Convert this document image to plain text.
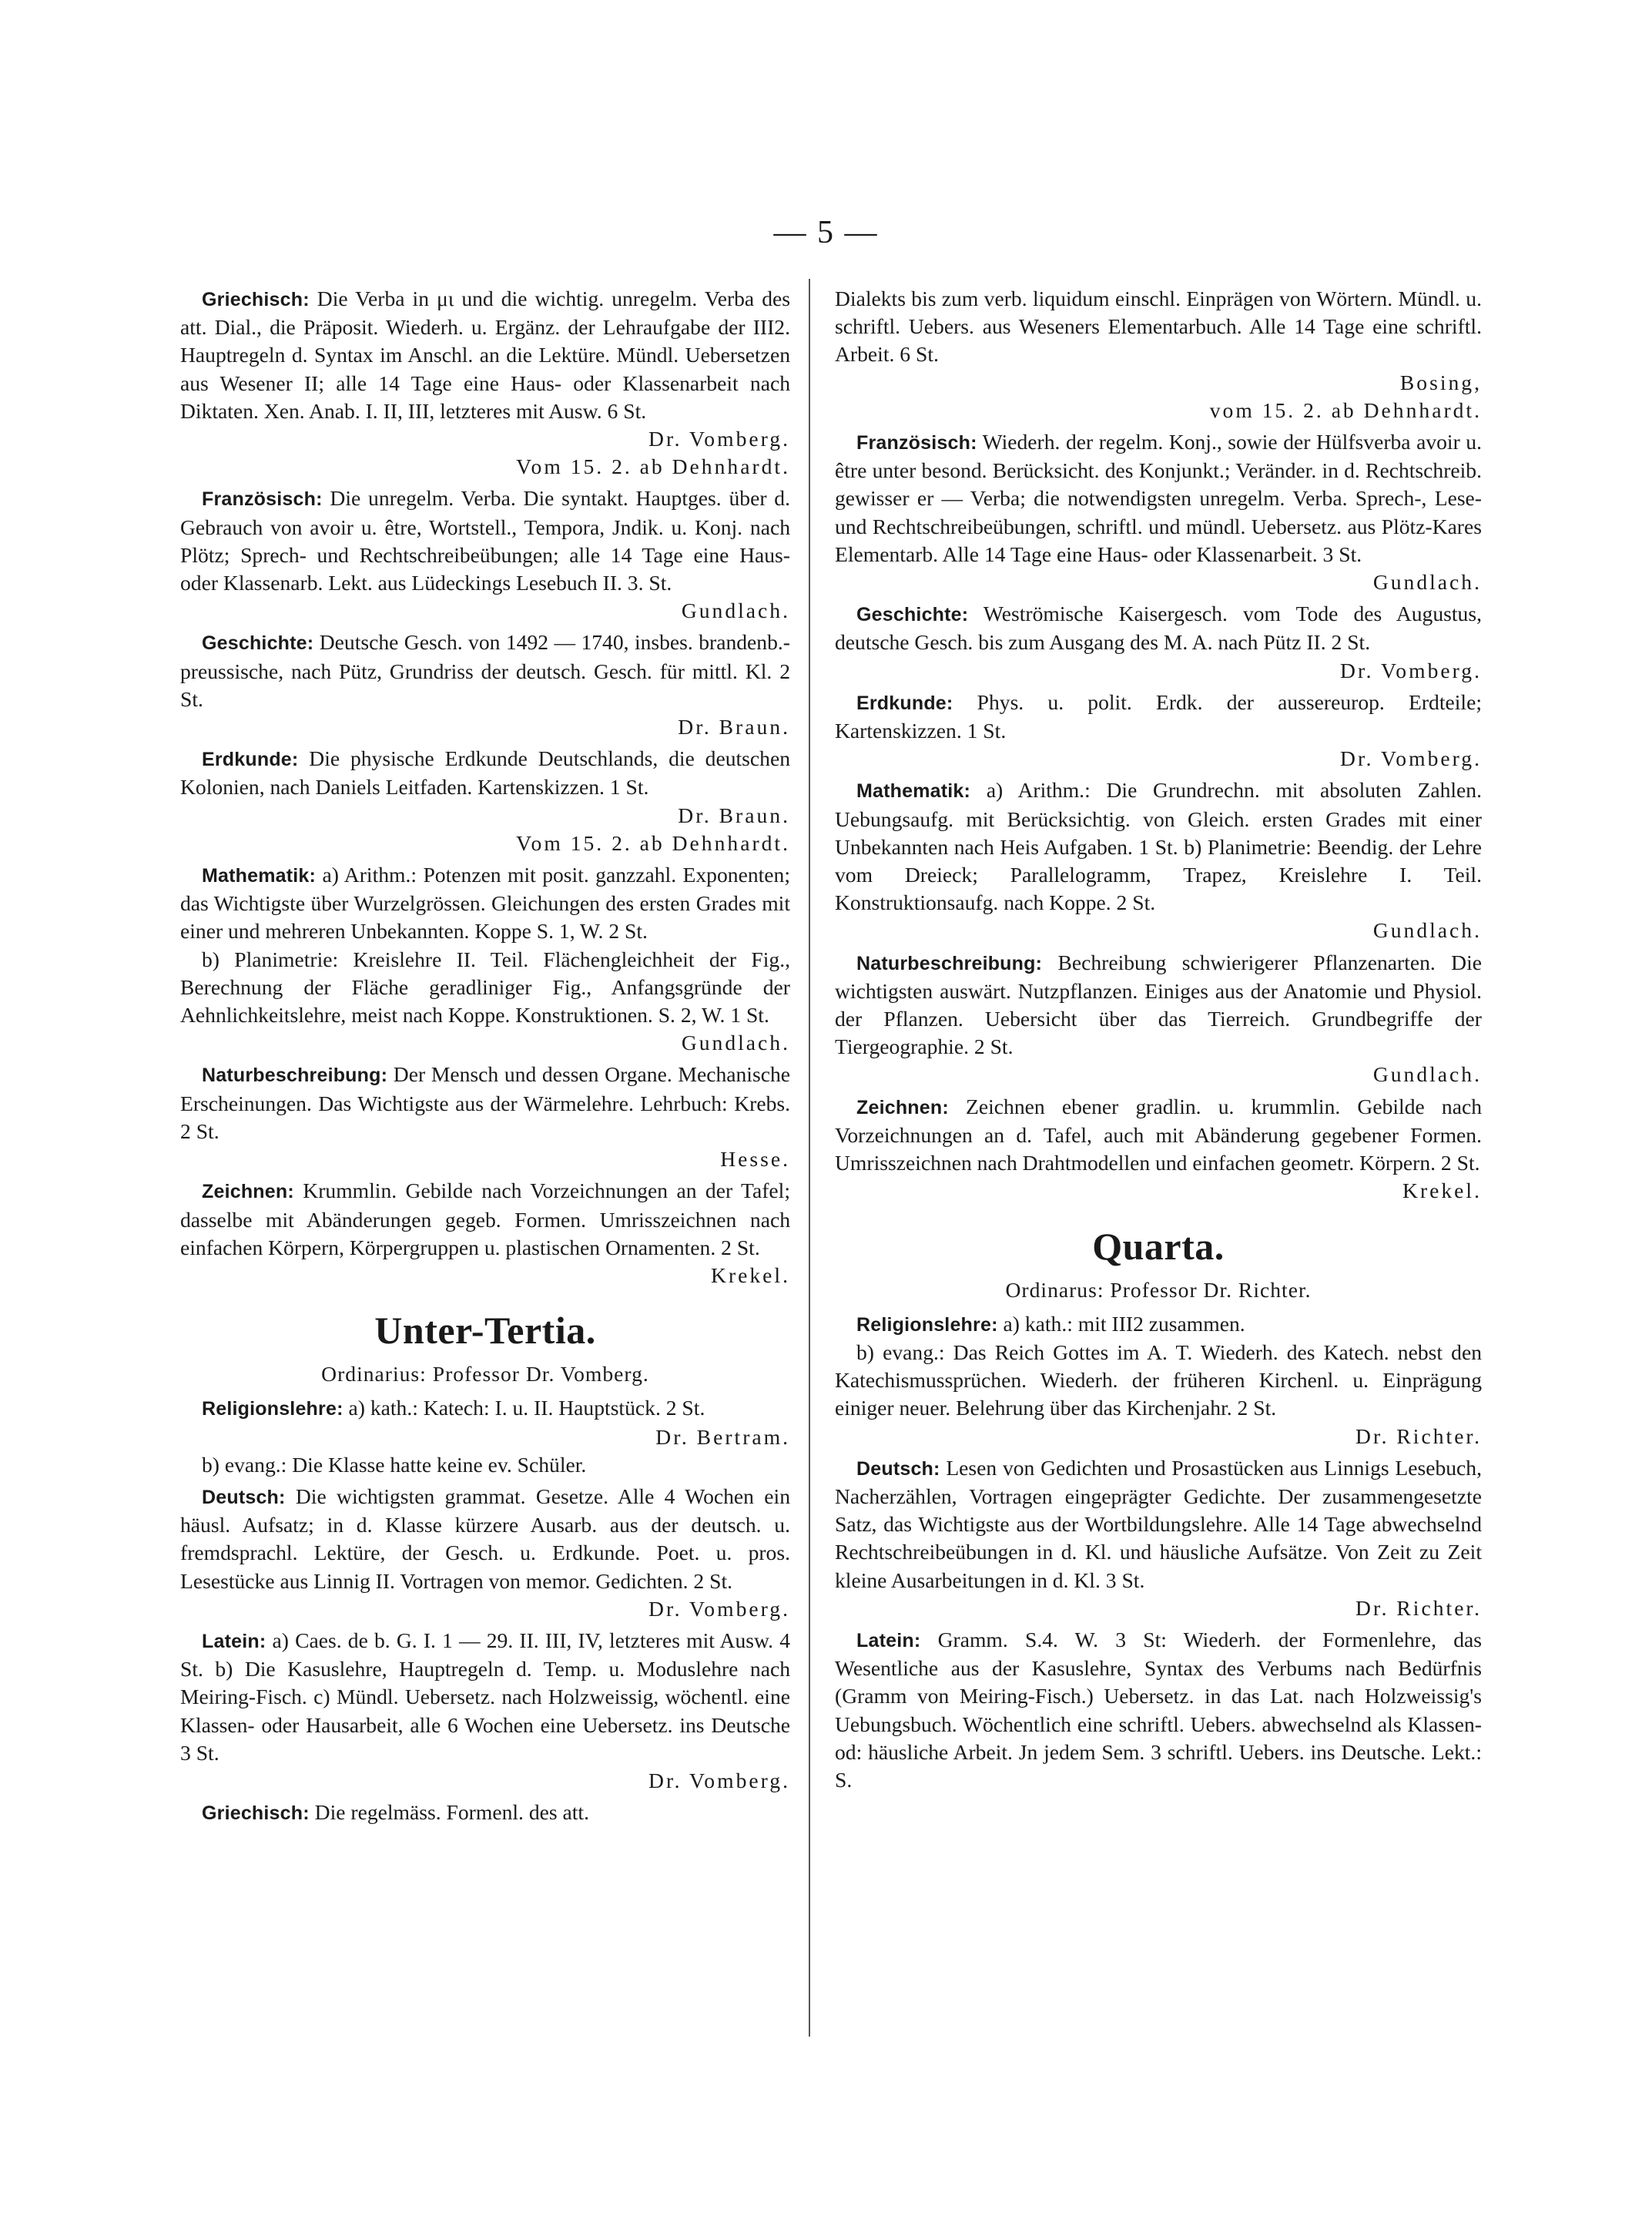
— 5 —

Griechisch: Die Verba in μι und die wichtig. unregelm. Verba des att. Dial., die Präposit. Wiederh. u. Ergänz. der Lehraufgabe der III2. Hauptregeln d. Syntax im Anschl. an die Lektüre. Mündl. Uebersetzen aus Wesener II; alle 14 Tage eine Haus- oder Klassenarbeit nach Diktaten. Xen. Anab. I. II, III, letzteres mit Ausw. 6 St.
Dr. Vomberg.
Vom 15. 2. ab Dehnhardt.

Französisch: Die unregelm. Verba. Die syntakt. Hauptges. über d. Gebrauch von avoir u. être, Wortstell., Tempora, Jndik. u. Konj. nach Plötz; Sprech- und Rechtschreibeübungen; alle 14 Tage eine Haus- oder Klassenarb. Lekt. aus Lüdeckings Lesebuch II. 3. St.
Gundlach.

Geschichte: Deutsche Gesch. von 1492 — 1740, insbes. brandenb.- preussische, nach Pütz, Grundriss der deutsch. Gesch. für mittl. Kl. 2 St.
Dr. Braun.

Erdkunde: Die physische Erdkunde Deutschlands, die deutschen Kolonien, nach Daniels Leitfaden. Kartenskizzen. 1 St.
Dr. Braun.
Vom 15. 2. ab Dehnhardt.

Mathematik: a) Arithm.: Potenzen mit posit. ganzzahl. Exponenten; das Wichtigste über Wurzelgrössen. Gleichungen des ersten Grades mit einer und mehreren Unbekannten. Koppe S. 1, W. 2 St.
b) Planimetrie: Kreislehre II. Teil. Flächengleichheit der Fig., Berechnung der Fläche geradliniger Fig., Anfangsgründe der Aehnlichkeitslehre, meist nach Koppe. Konstruktionen. S. 2, W. 1 St.
Gundlach.

Naturbeschreibung: Der Mensch und dessen Organe. Mechanische Erscheinungen. Das Wichtigste aus der Wärmelehre. Lehrbuch: Krebs. 2 St.
Hesse.

Zeichnen: Krummlin. Gebilde nach Vorzeichnungen an der Tafel; dasselbe mit Abänderungen gegeb. Formen. Umrisszeichnen nach einfachen Körpern, Körpergruppen u. plastischen Ornamenten. 2 St.
Krekel.

Unter-Tertia.
Ordinarius: Professor Dr. Vomberg.

Religionslehre: a) kath.: Katech: I. u. II. Hauptstück. 2 St.
Dr. Bertram.
b) evang.: Die Klasse hatte keine ev. Schüler.

Deutsch: Die wichtigsten grammat. Gesetze. Alle 4 Wochen ein häusl. Aufsatz; in d. Klasse kürzere Ausarb. aus der deutsch. u. fremdsprachl. Lektüre, der Gesch. u. Erdkunde. Poet. u. pros. Lesestücke aus Linnig II. Vortragen von memor. Gedichten. 2 St.
Dr. Vomberg.

Latein: a) Caes. de b. G. I. 1 — 29. II. III, IV, letzteres mit Ausw. 4 St. b) Die Kasuslehre, Hauptregeln d. Temp. u. Moduslehre nach Meiring-Fisch. c) Mündl. Uebersetz. nach Holzweissig, wöchentl. eine Klassen- oder Hausarbeit, alle 6 Wochen eine Uebersetz. ins Deutsche 3 St.
Dr. Vomberg.

Griechisch: Die regelmäss. Formenl. des att.

Dialekts bis zum verb. liquidum einschl. Einprägen von Wörtern. Mündl. u. schriftl. Uebers. aus Weseners Elementarbuch. Alle 14 Tage eine schriftl. Arbeit. 6 St.
Bosing,
vom 15. 2. ab Dehnhardt.

Französisch: Wiederh. der regelm. Konj., sowie der Hülfsverba avoir u. être unter besond. Berücksicht. des Konjunkt.; Veränder. in d. Rechtschreib. gewisser er — Verba; die notwendigsten unregelm. Verba. Sprech-, Lese- und Rechtschreibeübungen, schriftl. und mündl. Uebersetz. aus Plötz-Kares Elementarb. Alle 14 Tage eine Haus- oder Klassenarbeit. 3 St.
Gundlach.

Geschichte: Weströmische Kaisergesch. vom Tode des Augustus, deutsche Gesch. bis zum Ausgang des M. A. nach Pütz II. 2 St.
Dr. Vomberg.

Erdkunde: Phys. u. polit. Erdk. der aussereurop. Erdteile; Kartenskizzen. 1 St.
Dr. Vomberg.

Mathematik: a) Arithm.: Die Grundrechn. mit absoluten Zahlen. Uebungsaufg. mit Berücksichtig. von Gleich. ersten Grades mit einer Unbekannten nach Heis Aufgaben. 1 St. b) Planimetrie: Beendig. der Lehre vom Dreieck; Parallelogramm, Trapez, Kreislehre I. Teil. Konstruktionsaufg. nach Koppe. 2 St.
Gundlach.

Naturbeschreibung: Bechreibung schwierigerer Pflanzenarten. Die wichtigsten auswärt. Nutzpflanzen. Einiges aus der Anatomie und Physiol. der Pflanzen. Uebersicht über das Tierreich. Grundbegriffe der Tiergeographie. 2 St.
Gundlach.

Zeichnen: Zeichnen ebener gradlin. u. krummlin. Gebilde nach Vorzeichnungen an d. Tafel, auch mit Abänderung gegebener Formen. Umrisszeichnen nach Drahtmodellen und einfachen geometr. Körpern. 2 St.
Krekel.

Quarta.
Ordinarus: Professor Dr. Richter.

Religionslehre: a) kath.: mit III2 zusammen.
b) evang.: Das Reich Gottes im A. T. Wiederh. des Katech. nebst den Katechismussprüchen. Wiederh. der früheren Kirchenl. u. Einprägung einiger neuer. Belehrung über das Kirchenjahr. 2 St.
Dr. Richter.

Deutsch: Lesen von Gedichten und Prosastücken aus Linnigs Lesebuch, Nacherzählen, Vortragen eingeprägter Gedichte. Der zusammengesetzte Satz, das Wichtigste aus der Wortbildungslehre. Alle 14 Tage abwechselnd Rechtschreibeübungen in d. Kl. und häusliche Aufsätze. Von Zeit zu Zeit kleine Ausarbeitungen in d. Kl. 3 St.
Dr. Richter.

Latein: Gramm. S.4. W. 3 St: Wiederh. der Formenlehre, das Wesentliche aus der Kasuslehre, Syntax des Verbums nach Bedürfnis (Gramm von Meiring-Fisch.) Uebersetz. in das Lat. nach Holzweissig's Uebungsbuch. Wöchentlich eine schriftl. Uebers. abwechselnd als Klassen- od: häusliche Arbeit. Jn jedem Sem. 3 schriftl. Uebers. ins Deutsche. Lekt.: S.
